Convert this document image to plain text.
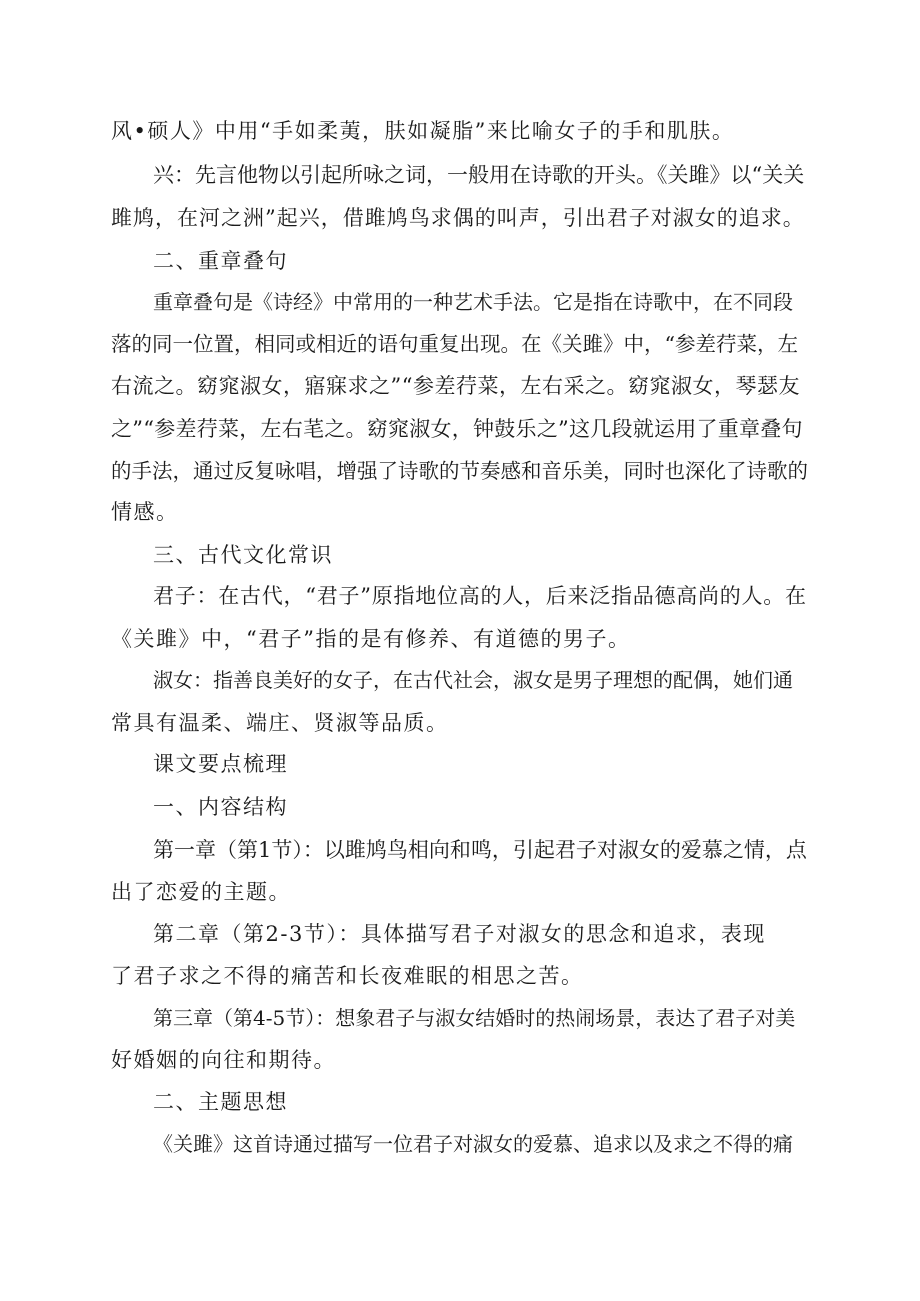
风•硕人》中用“手如柔荑，肤如凝脂”来比喻女子的手和肌肤。
兴：先言他物以引起所咏之词，一般用在诗歌的开头。《关雎》以“关关
雎鸠，在河之洲”起兴，借雎鸠鸟求偶的叫声，引出君子对淑女的追求。
二、重章叠句
重章叠句是《诗经》中常用的一种艺术手法。它是指在诗歌中，在不同段
落的同一位置，相同或相近的语句重复出现。在《关雎》中，“参差荇菜，左
右流之。窈窕淑女，寤寐求之”“参差荇菜，左右采之。窈窕淑女，琴瑟友
之”“参差荇菜，左右芼之。窈窕淑女，钟鼓乐之”这几段就运用了重章叠句
的手法，通过反复咏唱，增强了诗歌的节奏感和音乐美，同时也深化了诗歌的
情感。
三、古代文化常识
君子：在古代，“君子”原指地位高的人，后来泛指品德高尚的人。在
《关雎》中，“君子”指的是有修养、有道德的男子。
淑女：指善良美好的女子，在古代社会，淑女是男子理想的配偶，她们通
常具有温柔、端庄、贤淑等品质。
课文要点梳理
一、内容结构
第一章（第1节）：以雎鸠鸟相向和鸣，引起君子对淑女的爱慕之情，点
出了恋爱的主题。
第二章（第2-3节）：具体描写君子对淑女的思念和追求，表现
了君子求之不得的痛苦和长夜难眠的相思之苦。
第三章（第4-5节）：想象君子与淑女结婚时的热闹场景，表达了君子对美
好婚姻的向往和期待。
二、主题思想
《关雎》这首诗通过描写一位君子对淑女的爱慕、追求以及求之不得的痛
